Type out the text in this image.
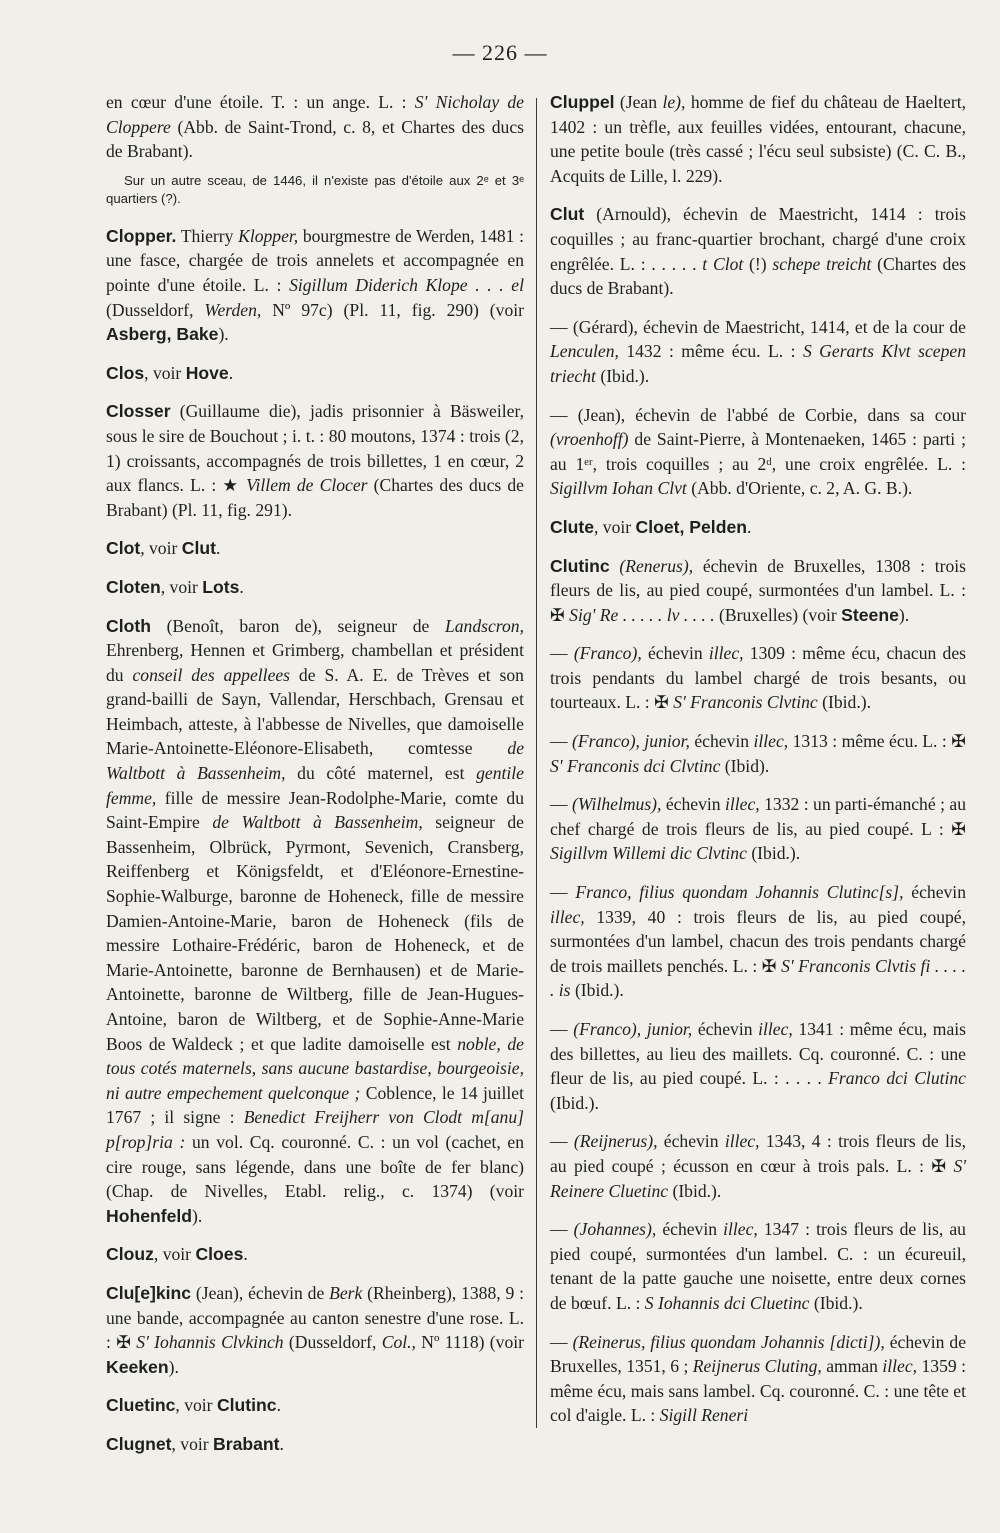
— 226 —

en cœur d'une étoile. T. : un ange. L. : S' Nicholay de Cloppere (Abb. de Saint-Trond, c. 8, et Chartes des ducs de Brabant).

Sur un autre sceau, de 1446, il n'existe pas d'étoile aux 2ᵉ et 3ᵉ quartiers (?).

Clopper. Thierry Klopper, bourgmestre de Werden, 1481 : une fasce, chargée de trois annelets et accompagnée en pointe d'une étoile. L. : Sigillum Diderich Klope . . . el (Dusseldorf, Werden, Nº 97c) (Pl. 11, fig. 290) (voir Asberg, Bake).

Clos, voir Hove.

Closser (Guillaume die), jadis prisonnier à Bäsweiler, sous le sire de Bouchout ; i. t. : 80 moutons, 1374 : trois (2, 1) croissants, accompagnés de trois billettes, 1 en cœur, 2 aux flancs. L. : ★ Villem de Clocer (Chartes des ducs de Brabant) (Pl. 11, fig. 291).

Clot, voir Clut.

Cloten, voir Lots.

Cloth (Benoît, baron de), seigneur de Landscron, Ehrenberg, Hennen et Grimberg, chambellan et président du conseil des appellees de S. A. E. de Trèves et son grand-bailli de Sayn, Vallendar, Herschbach, Grensau et Heimbach, atteste, à l'abbesse de Nivelles, que damoiselle Marie-Antoinette-Eléonore-Elisabeth, comtesse de Waltbott à Bassenheim, du côté maternel, est gentile femme, fille de messire Jean-Rodolphe-Marie, comte du Saint-Empire de Waltbott à Bassenheim, seigneur de Bassenheim, Olbrück, Pyrmont, Sevenich, Cransberg, Reiffenberg et Königsfeldt, et d'Eléonore-Ernestine-Sophie-Walburge, baronne de Hoheneck, fille de messire Damien-Antoine-Marie, baron de Hoheneck (fils de messire Lothaire-Frédéric, baron de Hoheneck, et de Marie-Antoinette, baronne de Bernhausen) et de Marie-Antoinette, baronne de Wiltberg, fille de Jean-Hugues-Antoine, baron de Wiltberg, et de Sophie-Anne-Marie Boos de Waldeck ; et que ladite damoiselle est noble, de tous cotés maternels, sans aucune bastardise, bourgeoisie, ni autre empechement quelconque ; Coblence, le 14 juillet 1767 ; il signe : Benedict Freijherr von Clodt m[anu] p[rop]ria : un vol. Cq. couronné. C. : un vol (cachet, en cire rouge, sans légende, dans une boîte de fer blanc) (Chap. de Nivelles, Etabl. relig., c. 1374) (voir Hohenfeld).

Clouz, voir Cloes.

Clu[e]kinc (Jean), échevin de Berk (Rheinberg), 1388, 9 : une bande, accompagnée au canton senestre d'une rose. L. : ✠ S' Iohannis Clvkinch (Dusseldorf, Col., Nº 1118) (voir Keeken).

Cluetinc, voir Clutinc.

Clugnet, voir Brabant.

Cluppel (Jean le), homme de fief du château de Haeltert, 1402 : un trèfle, aux feuilles vidées, entourant, chacune, une petite boule (très cassé ; l'écu seul subsiste) (C. C. B., Acquits de Lille, l. 229).

Clut (Arnould), échevin de Maestricht, 1414 : trois coquilles ; au franc-quartier brochant, chargé d'une croix engrêlée. L. : . . . . . t Clot (!) schepe treicht (Chartes des ducs de Brabant).

— (Gérard), échevin de Maestricht, 1414, et de la cour de Lenculen, 1432 : même écu. L. : S Gerarts Klvt scepen triecht (Ibid.).

— (Jean), échevin de l'abbé de Corbie, dans sa cour (vroenhoff) de Saint-Pierre, à Montenaeken, 1465 : parti ; au 1ᵉʳ, trois coquilles ; au 2ᵈ, une croix engrêlée. L. : Sigillvm Iohan Clvt (Abb. d'Oriente, c. 2, A. G. B.).

Clute, voir Cloet, Pelden.

Clutinc (Renerus), échevin de Bruxelles, 1308 : trois fleurs de lis, au pied coupé, surmontées d'un lambel. L. : ✠ Sig' Re . . . . . lv . . . . (Bruxelles) (voir Steene).

— (Franco), échevin illec, 1309 : même écu, chacun des trois pendants du lambel chargé de trois besants, ou tourteaux. L. : ✠ S' Franconis Clvtinc (Ibid.).

— (Franco), junior, échevin illec, 1313 : même écu. L. : ✠ S' Franconis dci Clvtinc (Ibid).

— (Wilhelmus), échevin illec, 1332 : un parti-émanché ; au chef chargé de trois fleurs de lis, au pied coupé. L : ✠ Sigillvm Willemi dic Clvtinc (Ibid.).

— Franco, filius quondam Johannis Clutinc[s], échevin illec, 1339, 40 : trois fleurs de lis, au pied coupé, surmontées d'un lambel, chacun des trois pendants chargé de trois maillets penchés. L. : ✠ S' Franconis Clvtis fi . . . . . is (Ibid.).

— (Franco), junior, échevin illec, 1341 : même écu, mais des billettes, au lieu des maillets. Cq. couronné. C. : une fleur de lis, au pied coupé. L. : . . . . Franco dci Clutinc (Ibid.).

— (Reijnerus), échevin illec, 1343, 4 : trois fleurs de lis, au pied coupé ; écusson en cœur à trois pals. L. : ✠ S' Reinere Cluetinc (Ibid.).

— (Johannes), échevin illec, 1347 : trois fleurs de lis, au pied coupé, surmontées d'un lambel. C. : un écureuil, tenant de la patte gauche une noisette, entre deux cornes de bœuf. L. : S Iohannis dci Cluetinc (Ibid.).

— (Reinerus, filius quondam Johannis [dicti]), échevin de Bruxelles, 1351, 6 ; Reijnerus Cluting, amman illec, 1359 : même écu, mais sans lambel. Cq. couronné. C. : une tête et col d'aigle. L. : Sigill Reneri
